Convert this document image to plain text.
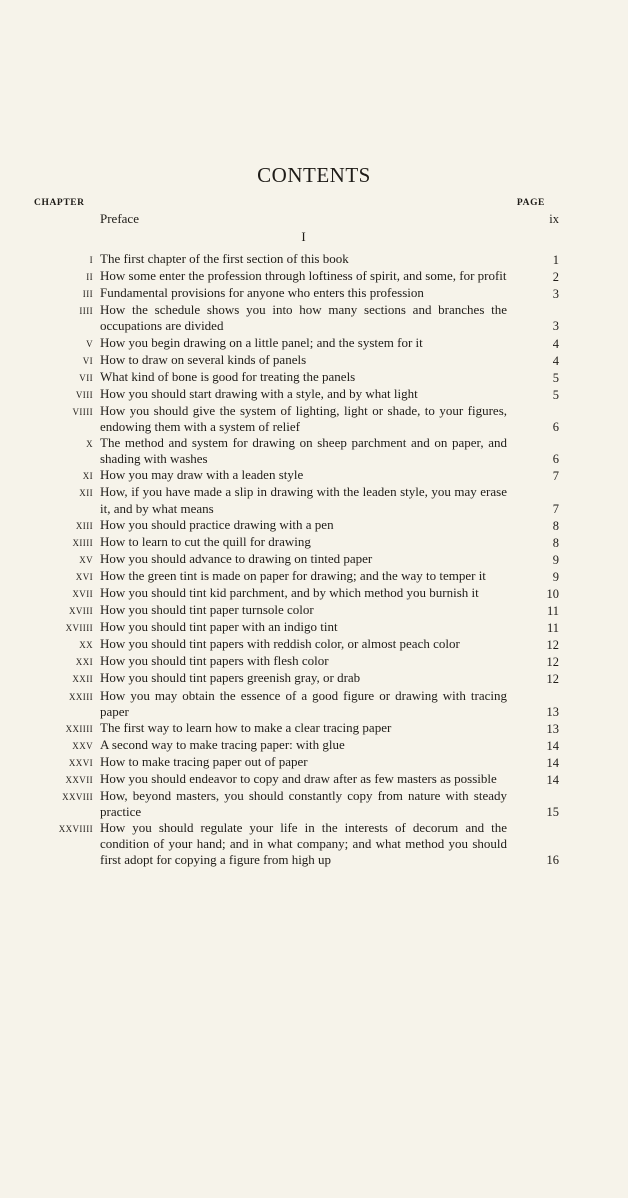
CONTENTS
CHAPTER	PAGE
Preface	ix
I
I The first chapter of the first section of this book	1
II How some enter the profession through loftiness of spirit, and some, for profit	2
III Fundamental provisions for anyone who enters this profession	3
IIII How the schedule shows you into how many sections and branches the occupations are divided	3
V How you begin drawing on a little panel; and the system for it	4
VI How to draw on several kinds of panels	4
VII What kind of bone is good for treating the panels	5
VIII How you should start drawing with a style, and by what light	5
VIIII How you should give the system of lighting, light or shade, to your figures, endowing them with a system of relief	6
X The method and system for drawing on sheep parchment and on paper, and shading with washes	6
XI How you may draw with a leaden style	7
XII How, if you have made a slip in drawing with the leaden style, you may erase it, and by what means	7
XIII How you should practice drawing with a pen	8
XIIII How to learn to cut the quill for drawing	8
XV How you should advance to drawing on tinted paper	9
XVI How the green tint is made on paper for drawing; and the way to temper it	9
XVII How you should tint kid parchment, and by which method you burnish it	10
XVIII How you should tint paper turnsole color	11
XVIIII How you should tint paper with an indigo tint	11
XX How you should tint papers with reddish color, or almost peach color	12
XXI How you should tint papers with flesh color	12
XXII How you should tint papers greenish gray, or drab	12
XXIII How you may obtain the essence of a good figure or drawing with tracing paper	13
XXIIII The first way to learn how to make a clear tracing paper	13
XXV A second way to make tracing paper: with glue	14
XXVI How to make tracing paper out of paper	14
XXVII How you should endeavor to copy and draw after as few masters as possible	14
XXVIII How, beyond masters, you should constantly copy from nature with steady practice	15
XXVIIII How you should regulate your life in the interests of decorum and the condition of your hand; and in what company; and what method you should first adopt for copying a figure from high up	16
